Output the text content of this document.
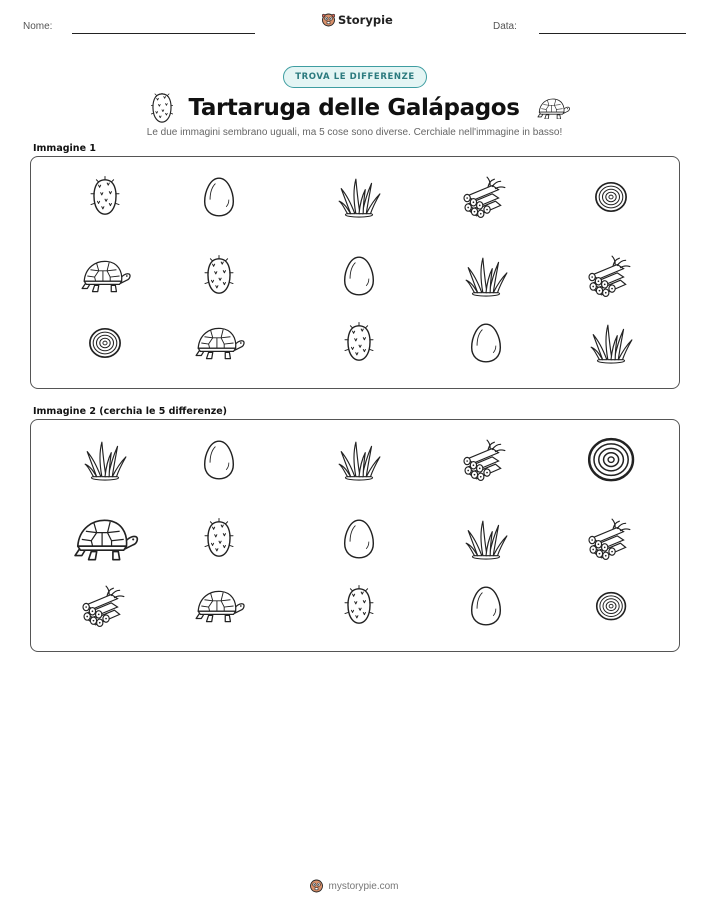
Nome:	Storypie	Data:
TROVA LE DIFFERENZE
Tartaruga delle Galápagos
Le due immagini sembrano uguali, ma 5 cose sono diverse. Cerchiale nell'immagine in basso!
Immagine 1
Immagine 2 (cerchia le 5 differenze)
mystorypie.com
